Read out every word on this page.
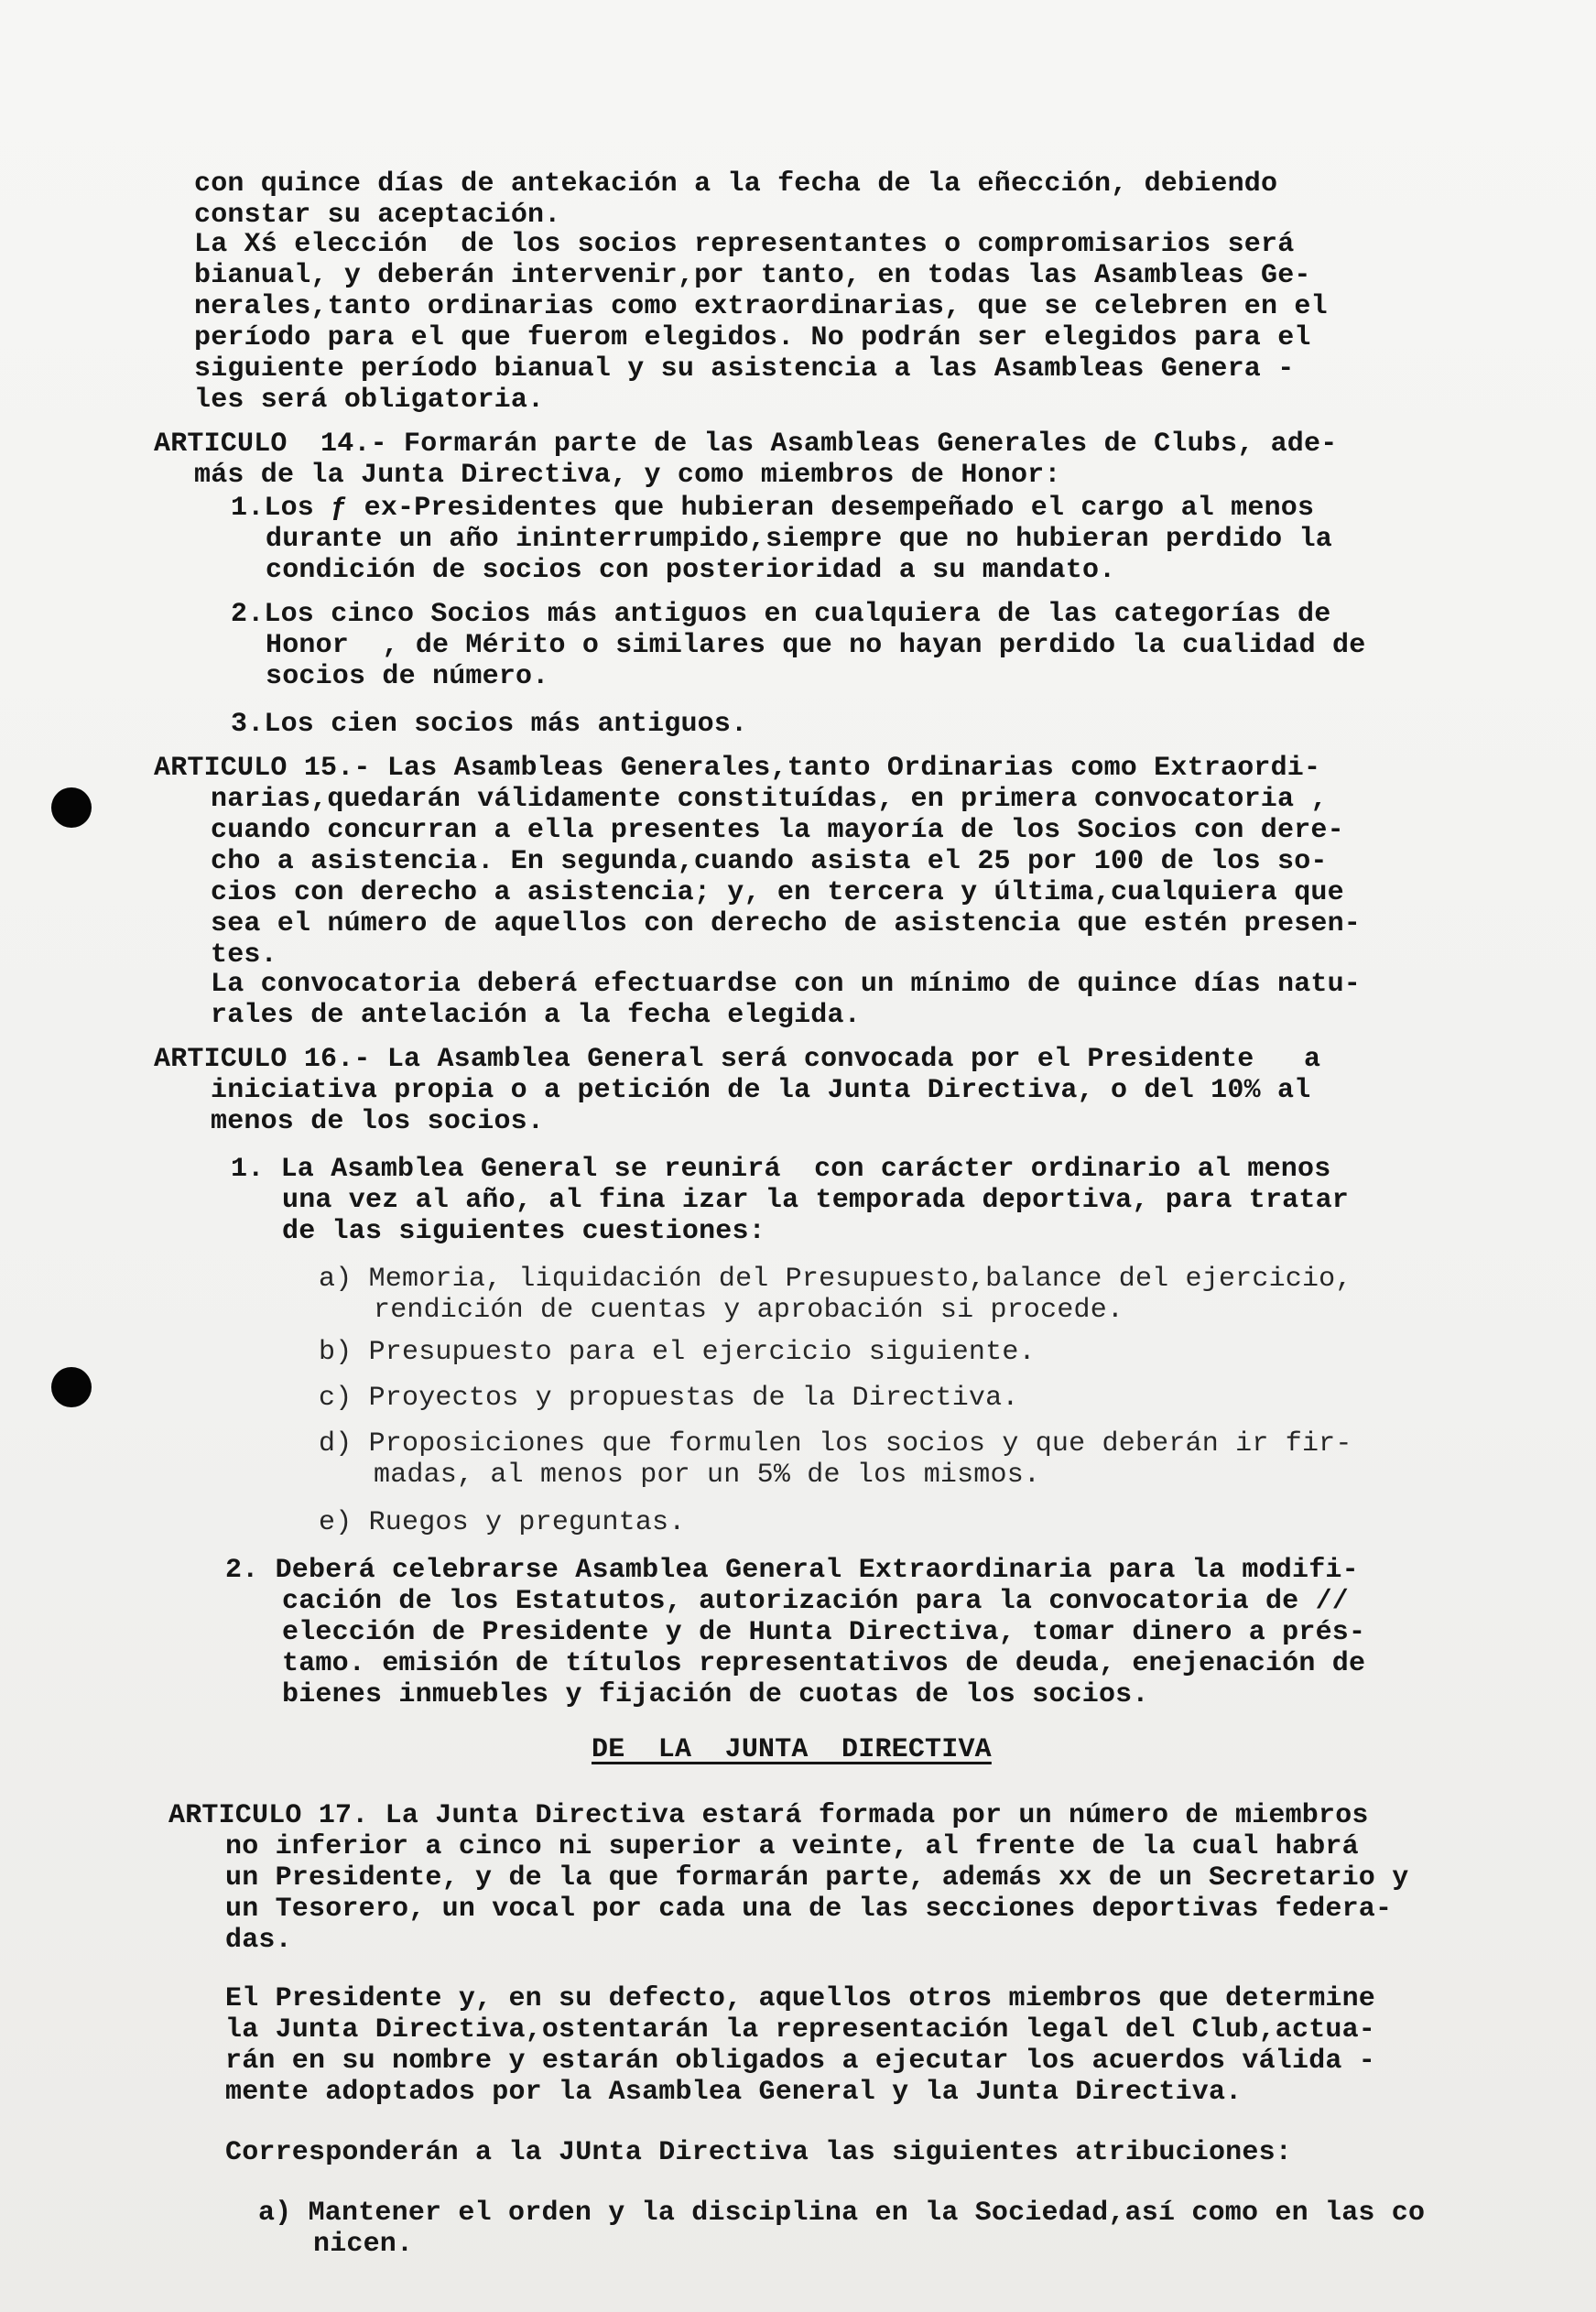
con quince días de antekación a la fecha de la eñección, debiendo
constar su aceptación.
La Xś elección  de los socios representantes o compromisarios será
bianual, y deberán intervenir,por tanto, en todas las Asambleas Ge-
nerales,tanto ordinarias como extraordinarias, que se celebren en el
período para el que fuerom elegidos. No podrán ser elegidos para el
siguiente período bianual y su asistencia a las Asambleas Genera -
les será obligatoria.
ARTICULO  14.- Formarán parte de las Asambleas Generales de Clubs, ade-
más de la Junta Directiva, y como miembros de Honor:
1.Los ƒ ex-Presidentes que hubieran desempeñado el cargo al menos
durante un año ininterrumpido,siempre que no hubieran perdido la
condición de socios con posterioridad a su mandato.
2.Los cinco Socios más antiguos en cualquiera de las categorías de
Honor  , de Mérito o similares que no hayan perdido la cualidad de
socios de número.
3.Los cien socios más antiguos.
ARTICULO 15.- Las Asambleas Generales,tanto Ordinarias como Extraordi-
narias,quedarán válidamente constituídas, en primera convocatoria ,
cuando concurran a ella presentes la mayoría de los Socios con dere-
cho a asistencia. En segunda,cuando asista el 25 por 100 de los so-
cios con derecho a asistencia; y, en tercera y última,cualquiera que
sea el número de aquellos con derecho de asistencia que estén presen-
tes.
La convocatoria deberá efectuardse con un mínimo de quince días natu-
rales de antelación a la fecha elegida.
ARTICULO 16.- La Asamblea General será convocada por el Presidente   a
iniciativa propia o a petición de la Junta Directiva, o del 10% al
menos de los socios.
1. La Asamblea General se reunirá  con carácter ordinario al menos
una vez al año, al fina izar la temporada deportiva, para tratar
de las siguientes cuestiones:
a) Memoria, liquidación del Presupuesto,balance del ejercicio,
rendición de cuentas y aprobación si procede.
b) Presupuesto para el ejercicio siguiente.
c) Proyectos y propuestas de la Directiva.
d) Proposiciones que formulen los socios y que deberán ir fir-
madas, al menos por un 5% de los mismos.
e) Ruegos y preguntas.
2. Deberá celebrarse Asamblea General Extraordinaria para la modifi-
cación de los Estatutos, autorización para la convocatoria de //
elección de Presidente y de Hunta Directiva, tomar dinero a prés-
tamo. emisión de títulos representativos de deuda, enejenación de
bienes inmuebles y fijación de cuotas de los socios.
DE  LA  JUNTA  DIRECTIVA
ARTICULO 17. La Junta Directiva estará formada por un número de miembros
no inferior a cinco ni superior a veinte, al frente de la cual habrá
un Presidente, y de la que formarán parte, además xx de un Secretario y
un Tesorero, un vocal por cada una de las secciones deportivas federa-
das.
El Presidente y, en su defecto, aquellos otros miembros que determine
la Junta Directiva,ostentarán la representación legal del Club,actua-
rán en su nombre y estarán obligados a ejecutar los acuerdos válida -
mente adoptados por la Asamblea General y la Junta Directiva.
Corresponderán a la JUnta Directiva las siguientes atribuciones:
a) Mantener el orden y la disciplina en la Sociedad,así como en las co
nicen.
